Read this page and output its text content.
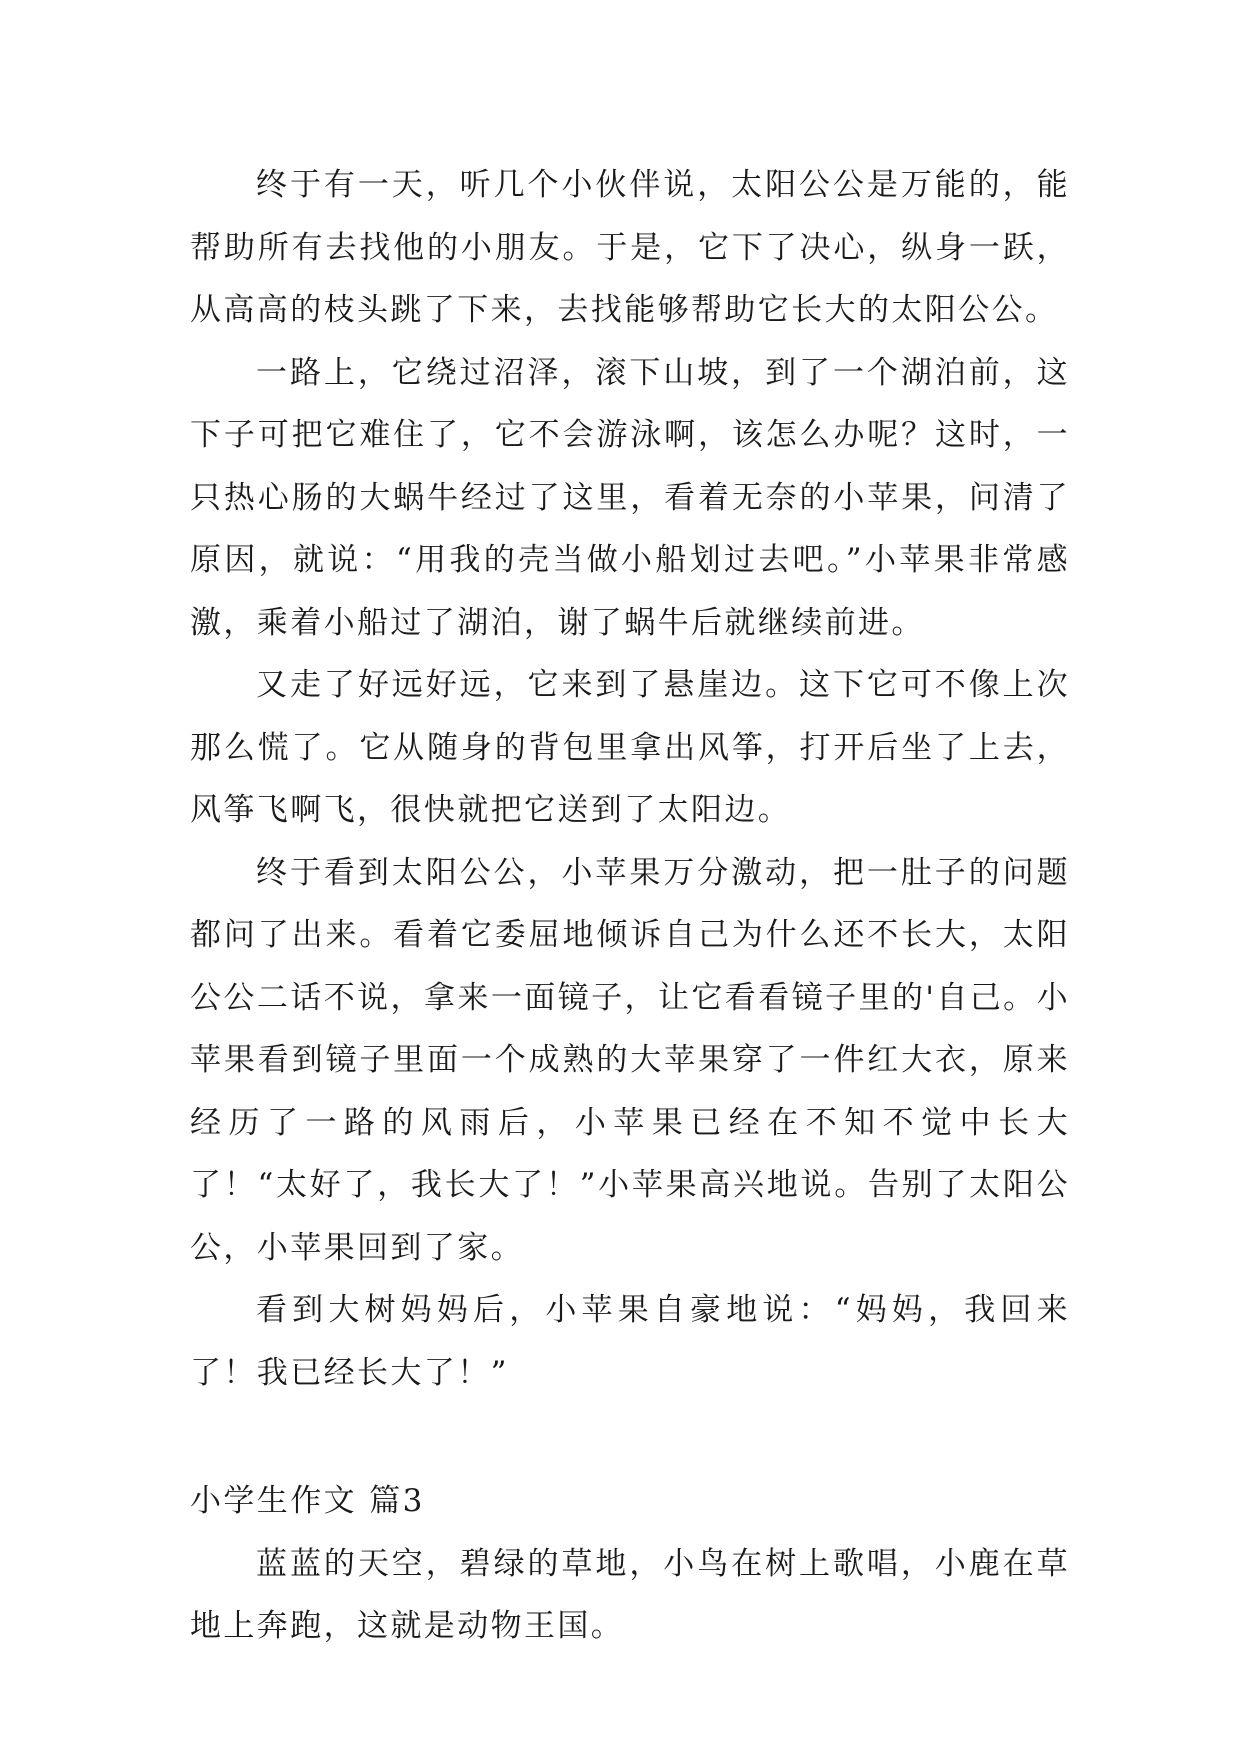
终于有一天，听几个小伙伴说，太阳公公是万能的，能帮助所有去找他的小朋友。于是，它下了决心，纵身一跃，从高高的枝头跳了下来，去找能够帮助它长大的太阳公公。

一路上，它绕过沼泽，滚下山坡，到了一个湖泊前，这下子可把它难住了，它不会游泳啊，该怎么办呢？这时，一只热心肠的大蜗牛经过了这里，看着无奈的小苹果，问清了原因，就说：“用我的壳当做小船划过去吧。”小苹果非常感激，乘着小船过了湖泊，谢了蜗牛后就继续前进。

又走了好远好远，它来到了悬崖边。这下它可不像上次那么慌了。它从随身的背包里拿出风筝，打开后坐了上去，风筝飞啊飞，很快就把它送到了太阳边。

终于看到太阳公公，小苹果万分激动，把一肚子的问题都问了出来。看着它委屈地倾诉自己为什么还不长大，太阳公公二话不说，拿来一面镜子，让它看看镜子里的'自己。小苹果看到镜子里面一个成熟的大苹果穿了一件红大衣，原来经历了一路的风雨后，小苹果已经在不知不觉中长大了！“太好了，我长大了！”小苹果高兴地说。告别了太阳公公，小苹果回到了家。

看到大树妈妈后，小苹果自豪地说：“妈妈，我回来了！我已经长大了！”

小学生作文 篇3

蓝蓝的天空，碧绿的草地，小鸟在树上歌唱，小鹿在草地上奔跑，这就是动物王国。
